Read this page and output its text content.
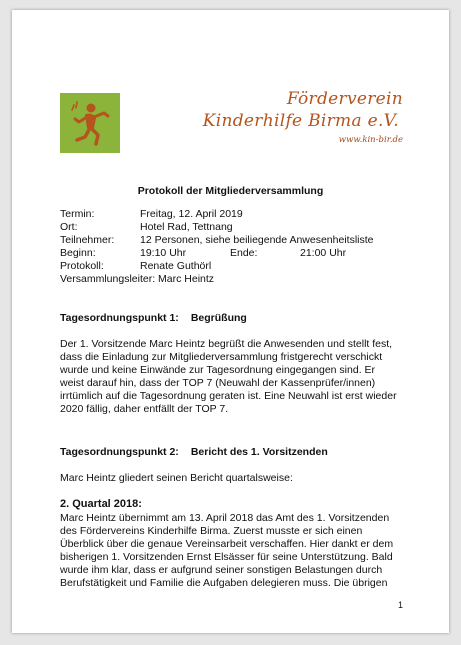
Förderverein
Kinderhilfe Birma e.V.
www.kin-bir.de
Protokoll der Mitgliederversammlung
Termin:	Freitag, 12. April 2019
Ort:	Hotel Rad, Tettnang
Teilnehmer: 12 Personen, siehe beiliegende Anwesenheitsliste
Beginn:	19:10 Uhr	Ende:	21:00 Uhr
Protokoll:	Renate Guthörl
Versammlungsleiter: Marc Heintz
Tagesordnungspunkt 1: Begrüßung
Der 1. Vorsitzende Marc Heintz begrüßt die Anwesenden und stellt fest,
dass die Einladung zur Mitgliederversammlung fristgerecht verschickt
wurde und keine Einwände zur Tagesordnung eingegangen sind. Er
weist darauf hin, dass der TOP 7 (Neuwahl der Kassenprüfer/innen)
irrtümlich auf die Tagesordnung geraten ist. Eine Neuwahl ist erst wieder
2020 fällig, daher entfällt der TOP 7.
Tagesordnungspunkt 2: Bericht des 1. Vorsitzenden
Marc Heintz gliedert seinen Bericht quartalsweise:
2. Quartal 2018:
Marc Heintz übernimmt am 13. April 2018 das Amt des 1. Vorsitzenden
des Fördervereins Kinderhilfe Birma. Zuerst musste er sich einen
Überblick über die genaue Vereinsarbeit verschaffen. Hier dankt er dem
bisherigen 1. Vorsitzenden Ernst Elsässer für seine Unterstützung. Bald
wurde ihm klar, dass er aufgrund seiner sonstigen Belastungen durch
Berufstätigkeit und Familie die Aufgaben delegieren muss. Die übrigen
1
